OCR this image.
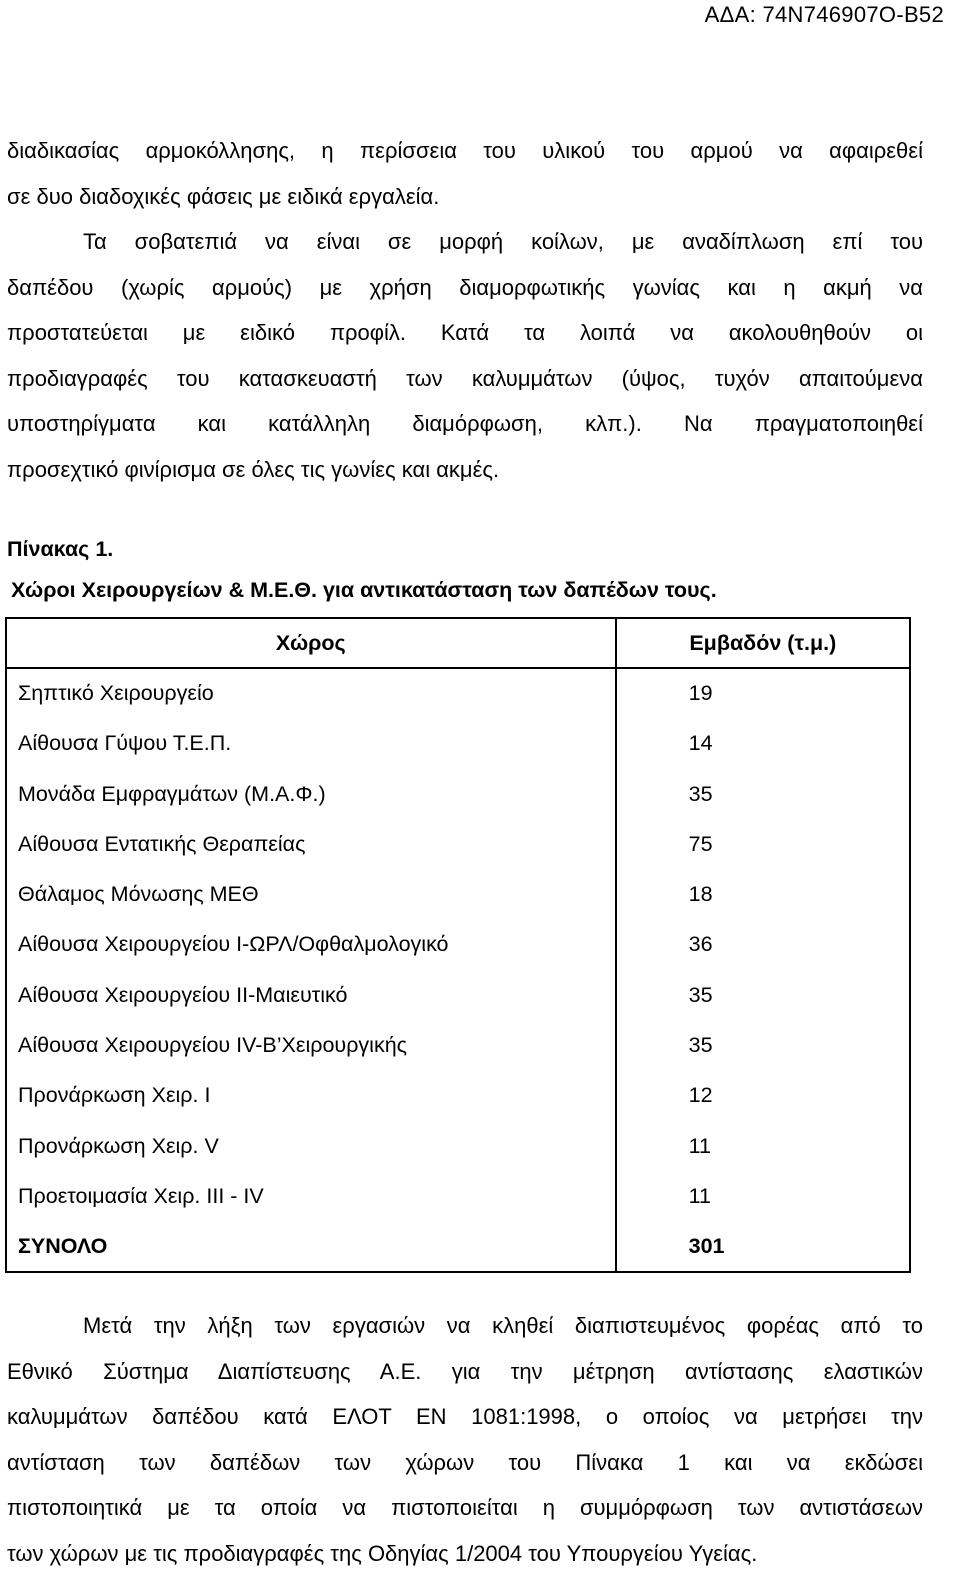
ΑΔΑ: 74Ν746907Ο-Β52
διαδικασίας αρμοκόλλησης, η περίσσεια του υλικού του αρμού να αφαιρεθεί
σε δυο διαδοχικές φάσεις με ειδικά εργαλεία.
Τα σοβατεπιά να είναι σε μορφή κοίλων, με αναδίπλωση επί του
δαπέδου (χωρίς αρμούς) με χρήση διαμορφωτικής γωνίας και η ακμή να
προστατεύεται με ειδικό προφίλ. Κατά τα λοιπά να ακολουθηθούν οι
προδιαγραφές του κατασκευαστή των καλυμμάτων (ύψος, τυχόν απαιτούμενα
υποστηρίγματα και κατάλληλη διαμόρφωση, κλπ.). Να πραγματοποιηθεί
προσεχτικό φινίρισμα σε όλες τις γωνίες και ακμές.
Πίνακας 1.
Χώροι Χειρουργείων & Μ.Ε.Θ. για αντικατάσταση των δαπέδων τους.
Χώρος	Εμβαδόν (τ.μ.)
Σηπτικό Χειρουργείο	19
Αίθουσα Γύψου Τ.Ε.Π.	14
Μονάδα Εμφραγμάτων (Μ.Α.Φ.)	35
Αίθουσα Εντατικής Θεραπείας	75
Θάλαμος Μόνωσης ΜΕΘ	18
Αίθουσα Χειρουργείου Ι-ΩΡΛ/Οφθαλμολογικό	36
Αίθουσα Χειρουργείου ΙΙ-Μαιευτικό	35
Αίθουσα Χειρουργείου ΙV-Β’Χειρουργικής	35
Προνάρκωση Χειρ. Ι	12
Προνάρκωση Χειρ. V	11
Προετοιμασία Χειρ. ΙΙΙ - ΙV	11
ΣΥΝΟΛΟ	301
Μετά την λήξη των εργασιών να κληθεί διαπιστευμένος φορέας από το
Εθνικό Σύστημα Διαπίστευσης Α.Ε. για την μέτρηση αντίστασης ελαστικών
καλυμμάτων δαπέδου κατά ΕΛΟΤ ΕΝ 1081:1998, ο οποίος να μετρήσει την
αντίσταση των δαπέδων των χώρων του Πίνακα 1 και να εκδώσει
πιστοποιητικά με τα οποία να πιστοποιείται η συμμόρφωση των αντιστάσεων
των χώρων με τις προδιαγραφές της Οδηγίας 1/2004 του Υπουργείου Υγείας.
